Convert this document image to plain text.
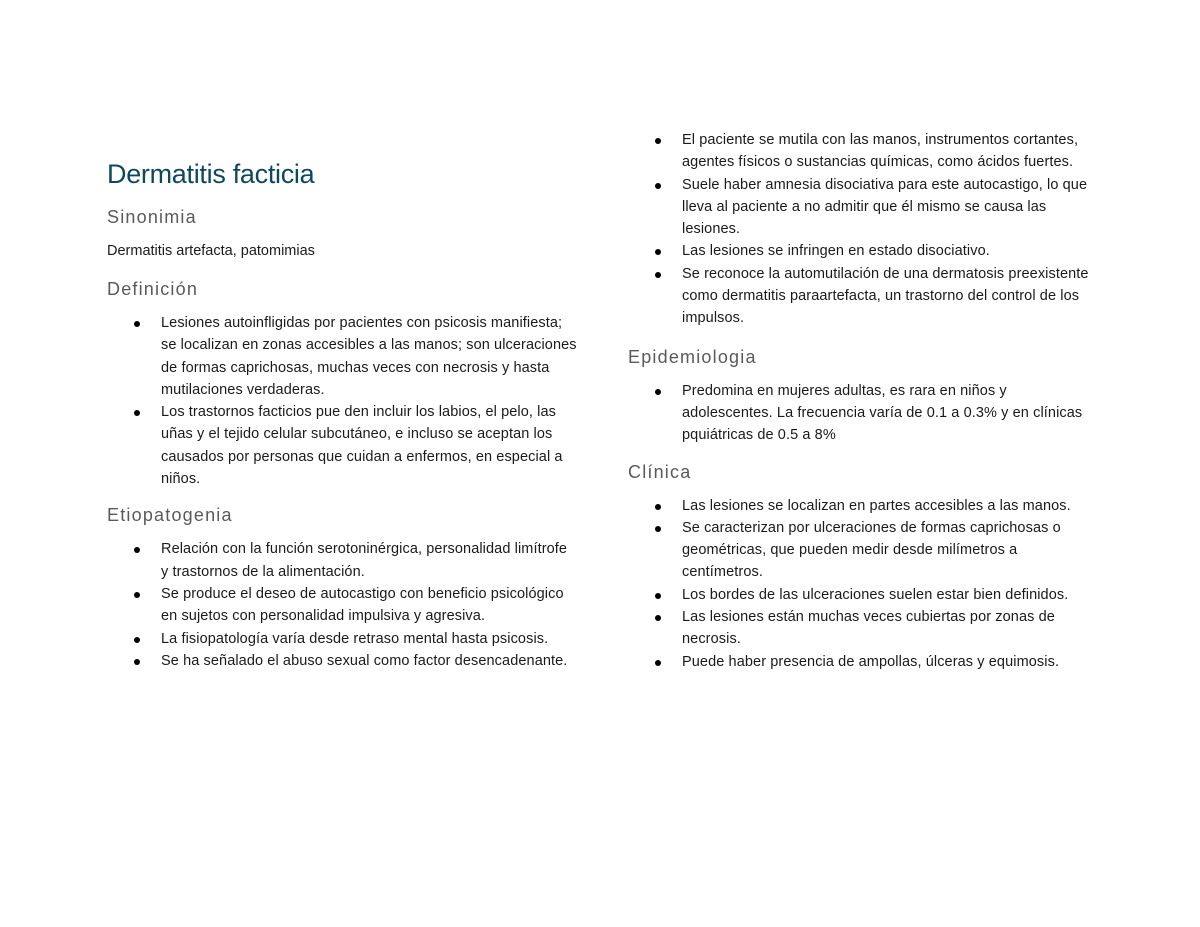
Dermatitis facticia
Sinonimia

Dermatitis artefacta, patomimias

Definición
Lesiones autoinfligidas por pacientes con psicosis manifiesta; se localizan en zonas accesibles a las manos; son ulceraciones de formas caprichosas, muchas veces con necrosis y hasta mutilaciones verdaderas.
Los trastornos facticios pue den incluir los labios, el pelo, las uñas y el tejido celular subcutáneo, e incluso se aceptan los causados por personas que cuidan a enfermos, en especial a niños.
Etiopatogenia
Relación con la función serotoninérgica, personalidad limítrofe y trastornos de la alimentación.
Se produce el deseo de autocastigo con beneficio psicológico en sujetos con personalidad impulsiva y agresiva.
La fisiopatología varía desde retraso mental hasta psicosis.
Se ha señalado el abuso sexual como factor desencadenante.
El paciente se mutila con las manos, instrumentos cortantes, agentes físicos o sustancias químicas, como ácidos fuertes.
Suele haber amnesia disociativa para este autocastigo, lo que lleva al paciente a no admitir que él mismo se causa las lesiones.
Las lesiones se infringen en estado disociativo.
Se reconoce la automutilación de una dermatosis preexistente como dermatitis paraartefacta, un trastorno del control de los impulsos.
Epidemiologia
Predomina en mujeres adultas, es rara en niños y adolescentes. La frecuencia varía de 0.1 a 0.3% y en clínicas pquiátricas de 0.5 a 8%
Clínica
Las lesiones se localizan en partes accesibles a las manos.
Se caracterizan por ulceraciones de formas caprichosas o geométricas, que pueden medir desde milímetros a centímetros.
Los bordes de las ulceraciones suelen estar bien definidos.
Las lesiones están muchas veces cubiertas por zonas de necrosis.
Puede haber presencia de ampollas, úlceras y equimosis.
